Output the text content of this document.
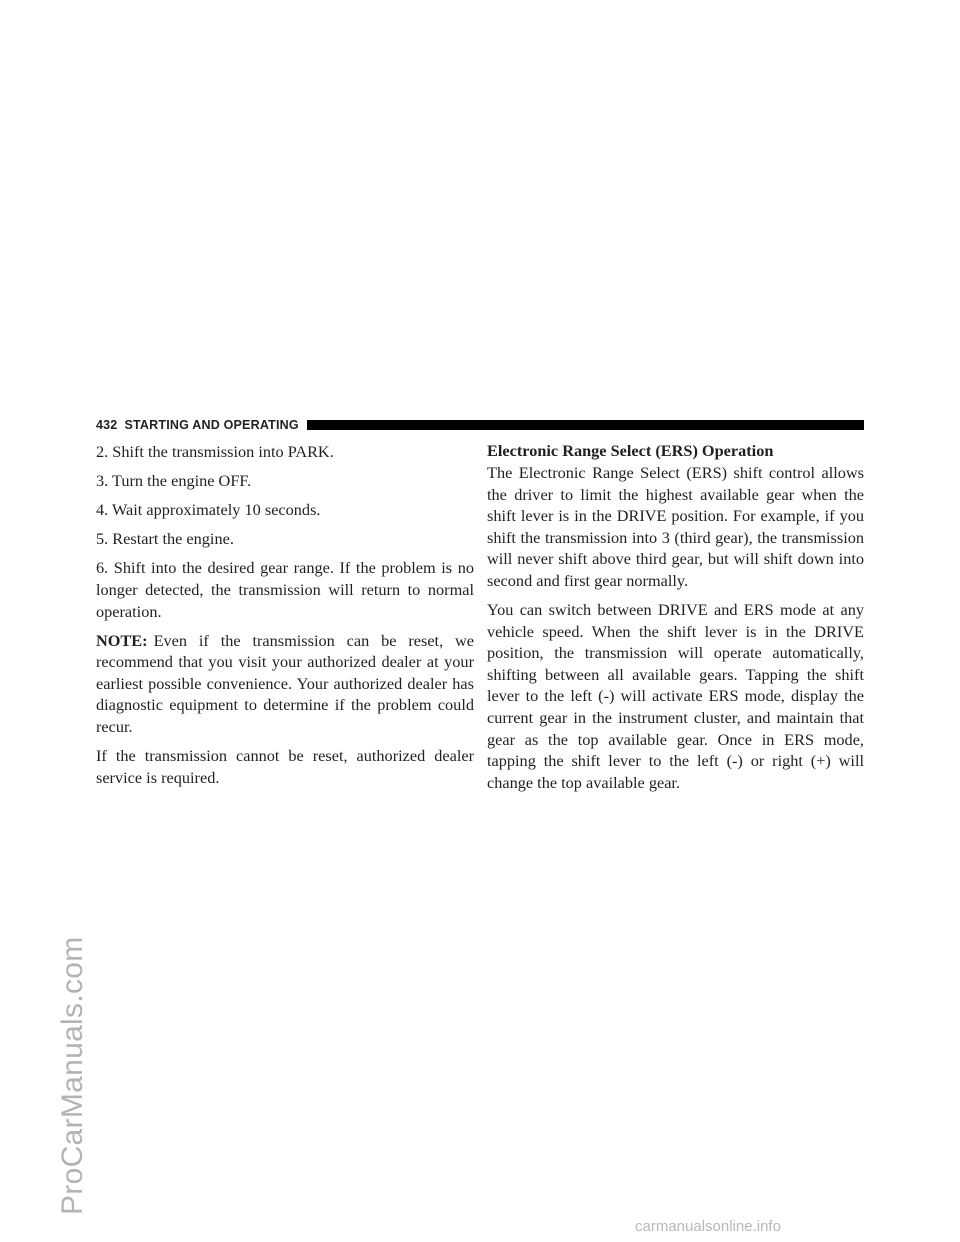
432 STARTING AND OPERATING

2. Shift the transmission into PARK.

3. Turn the engine OFF.

4. Wait approximately 10 seconds.

5. Restart the engine.

6. Shift into the desired gear range. If the problem is no longer detected, the transmission will return to normal operation.

NOTE: Even if the transmission can be reset, we recommend that you visit your authorized dealer at your earliest possible convenience. Your authorized dealer has diagnostic equipment to determine if the problem could recur.

If the transmission cannot be reset, authorized dealer service is required.

Electronic Range Select (ERS) Operation

The Electronic Range Select (ERS) shift control allows the driver to limit the highest available gear when the shift lever is in the DRIVE position. For example, if you shift the transmission into 3 (third gear), the transmission will never shift above third gear, but will shift down into second and first gear normally.

You can switch between DRIVE and ERS mode at any vehicle speed. When the shift lever is in the DRIVE position, the transmission will operate automatically, shifting between all available gears. Tapping the shift lever to the left (-) will activate ERS mode, display the current gear in the instrument cluster, and maintain that gear as the top available gear. Once in ERS mode, tapping the shift lever to the left (-) or right (+) will change the top available gear.

ProCarManuals.com
carmanualsonline.info
